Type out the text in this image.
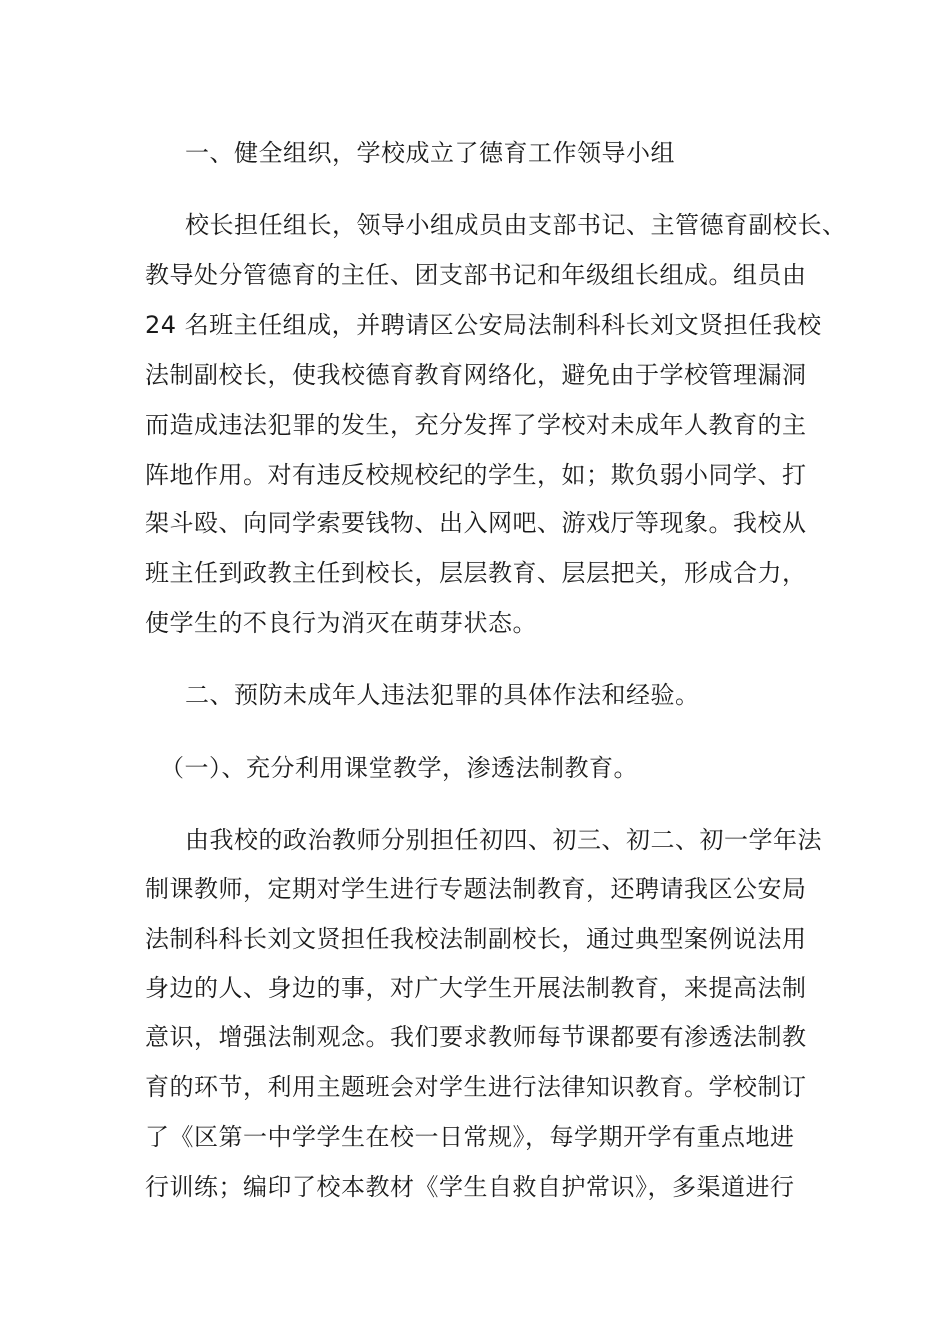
一、健全组织，学校成立了德育工作领导小组
校长担任组长，领导小组成员由支部书记、主管德育副校长、
教导处分管德育的主任、团支部书记和年级组长组成。组员由
24 名班主任组成，并聘请区公安局法制科科长刘文贤担任我校
法制副校长，使我校德育教育网络化，避免由于学校管理漏洞
而造成违法犯罪的发生，充分发挥了学校对未成年人教育的主
阵地作用。对有违反校规校纪的学生，如；欺负弱小同学、打
架斗殴、向同学索要钱物、出入网吧、游戏厅等现象。我校从
班主任到政教主任到校长，层层教育、层层把关，形成合力，
使学生的不良行为消灭在萌芽状态。
二、预防未成年人违法犯罪的具体作法和经验。
（一）、充分利用课堂教学，渗透法制教育。
由我校的政治教师分别担任初四、初三、初二、初一学年法
制课教师，定期对学生进行专题法制教育，还聘请我区公安局
法制科科长刘文贤担任我校法制副校长，通过典型案例说法用
身边的人、身边的事，对广大学生开展法制教育，来提高法制
意识，增强法制观念。我们要求教师每节课都要有渗透法制教
育的环节，利用主题班会对学生进行法律知识教育。学校制订
了《区第一中学学生在校一日常规》，每学期开学有重点地进
行训练；编印了校本教材《学生自救自护常识》，多渠道进行
